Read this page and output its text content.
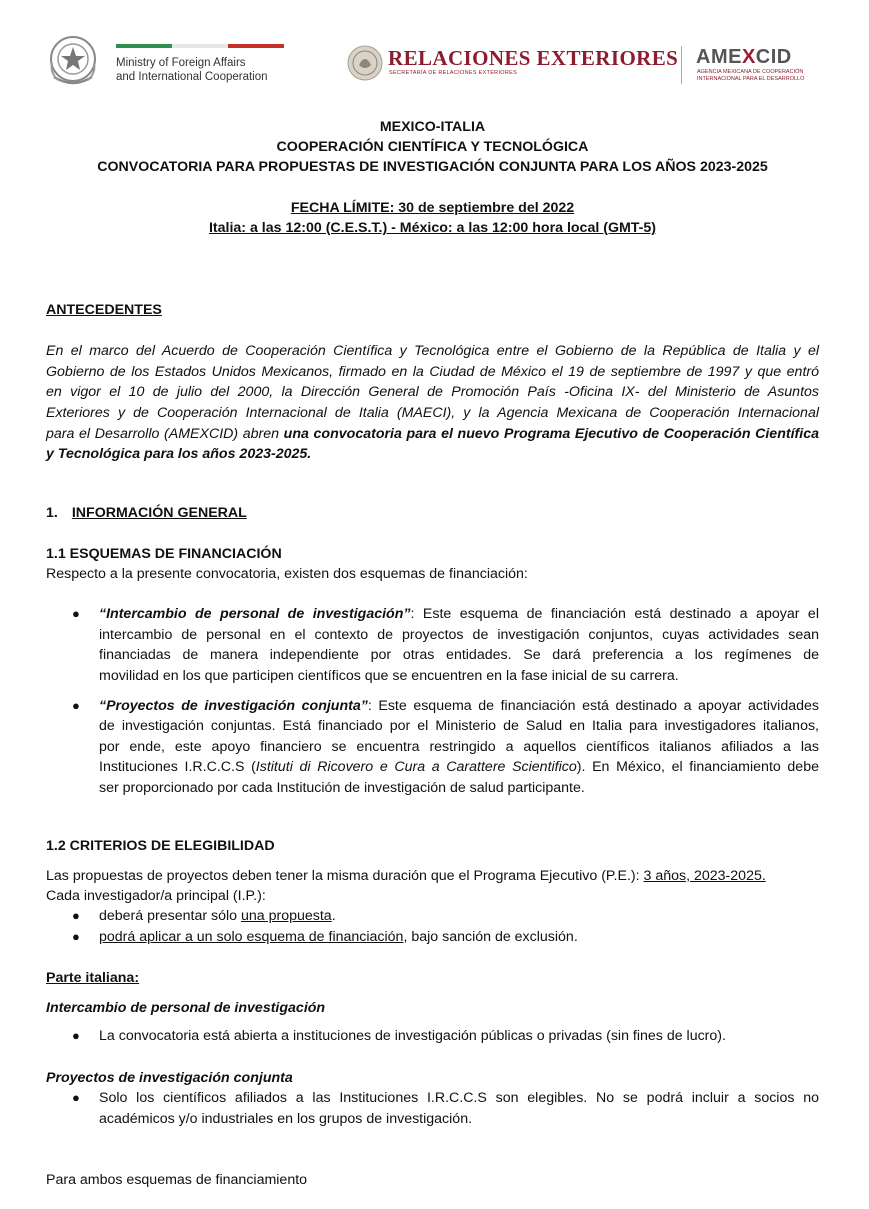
Ministry of Foreign Affairs
and International Cooperation
RELACIONES EXTERIORES
SECRETARÍA DE RELACIONES EXTERIORES
AMEXCID
AGENCIA MEXICANA DE COOPERACIÓN
INTERNACIONAL PARA EL DESARROLLO
MEXICO-ITALIA
COOPERACIÓN CIENTÍFICA Y TECNOLÓGICA
CONVOCATORIA PARA PROPUESTAS DE INVESTIGACIÓN CONJUNTA PARA LOS AÑOS 2023-2025
FECHA LÍMITE: 30 de septiembre del 2022
Italia: a las 12:00 (C.E.S.T.) - México: a las 12:00 hora local (GMT-5)
ANTECEDENTES
En el marco del Acuerdo de Cooperación Científica y Tecnológica entre el Gobierno de la República de Italia y el
Gobierno de los Estados Unidos Mexicanos, firmado en la Ciudad de México el 19 de septiembre de 1997 y que entró
en vigor el 10 de julio del 2000, la Dirección General de Promoción País -Oficina IX- del Ministerio de Asuntos
Exteriores y de Cooperación Internacional de Italia (MAECI), y la Agencia Mexicana de Cooperación Internacional
para el Desarrollo (AMEXCID) abren una convocatoria para el nuevo Programa Ejecutivo de Cooperación Científica
y Tecnológica para los años 2023-2025.
1. INFORMACIÓN GENERAL
1.1 ESQUEMAS DE FINANCIACIÓN
Respecto a la presente convocatoria, existen dos esquemas de financiación:
● “Intercambio de personal de investigación”: Este esquema de financiación está destinado a apoyar el
intercambio de personal en el contexto de proyectos de investigación conjuntos, cuyas actividades sean
financiadas de manera independiente por otras entidades. Se dará preferencia a los regímenes de
movilidad en los que participen científicos que se encuentren en la fase inicial de su carrera.
● “Proyectos de investigación conjunta”: Este esquema de financiación está destinado a apoyar actividades
de investigación conjuntas. Está financiado por el Ministerio de Salud en Italia para investigadores italianos,
por ende, este apoyo financiero se encuentra restringido a aquellos científicos italianos afiliados a las
Instituciones I.R.C.C.S (Istituti di Ricovero e Cura a Carattere Scientifico). En México, el financiamiento debe
ser proporcionado por cada Institución de investigación de salud participante.
1.2 CRITERIOS DE ELEGIBILIDAD
Las propuestas de proyectos deben tener la misma duración que el Programa Ejecutivo (P.E.): 3 años, 2023-2025.
Cada investigador/a principal (I.P.):
● deberá presentar sólo una propuesta.
● podrá aplicar a un solo esquema de financiación, bajo sanción de exclusión.
Parte italiana:
Intercambio de personal de investigación
● La convocatoria está abierta a instituciones de investigación públicas o privadas (sin fines de lucro).
Proyectos de investigación conjunta
● Solo los científicos afiliados a las Instituciones I.R.C.C.S son elegibles. No se podrá incluir a socios no
académicos y/o industriales en los grupos de investigación.
Para ambos esquemas de financiamiento
